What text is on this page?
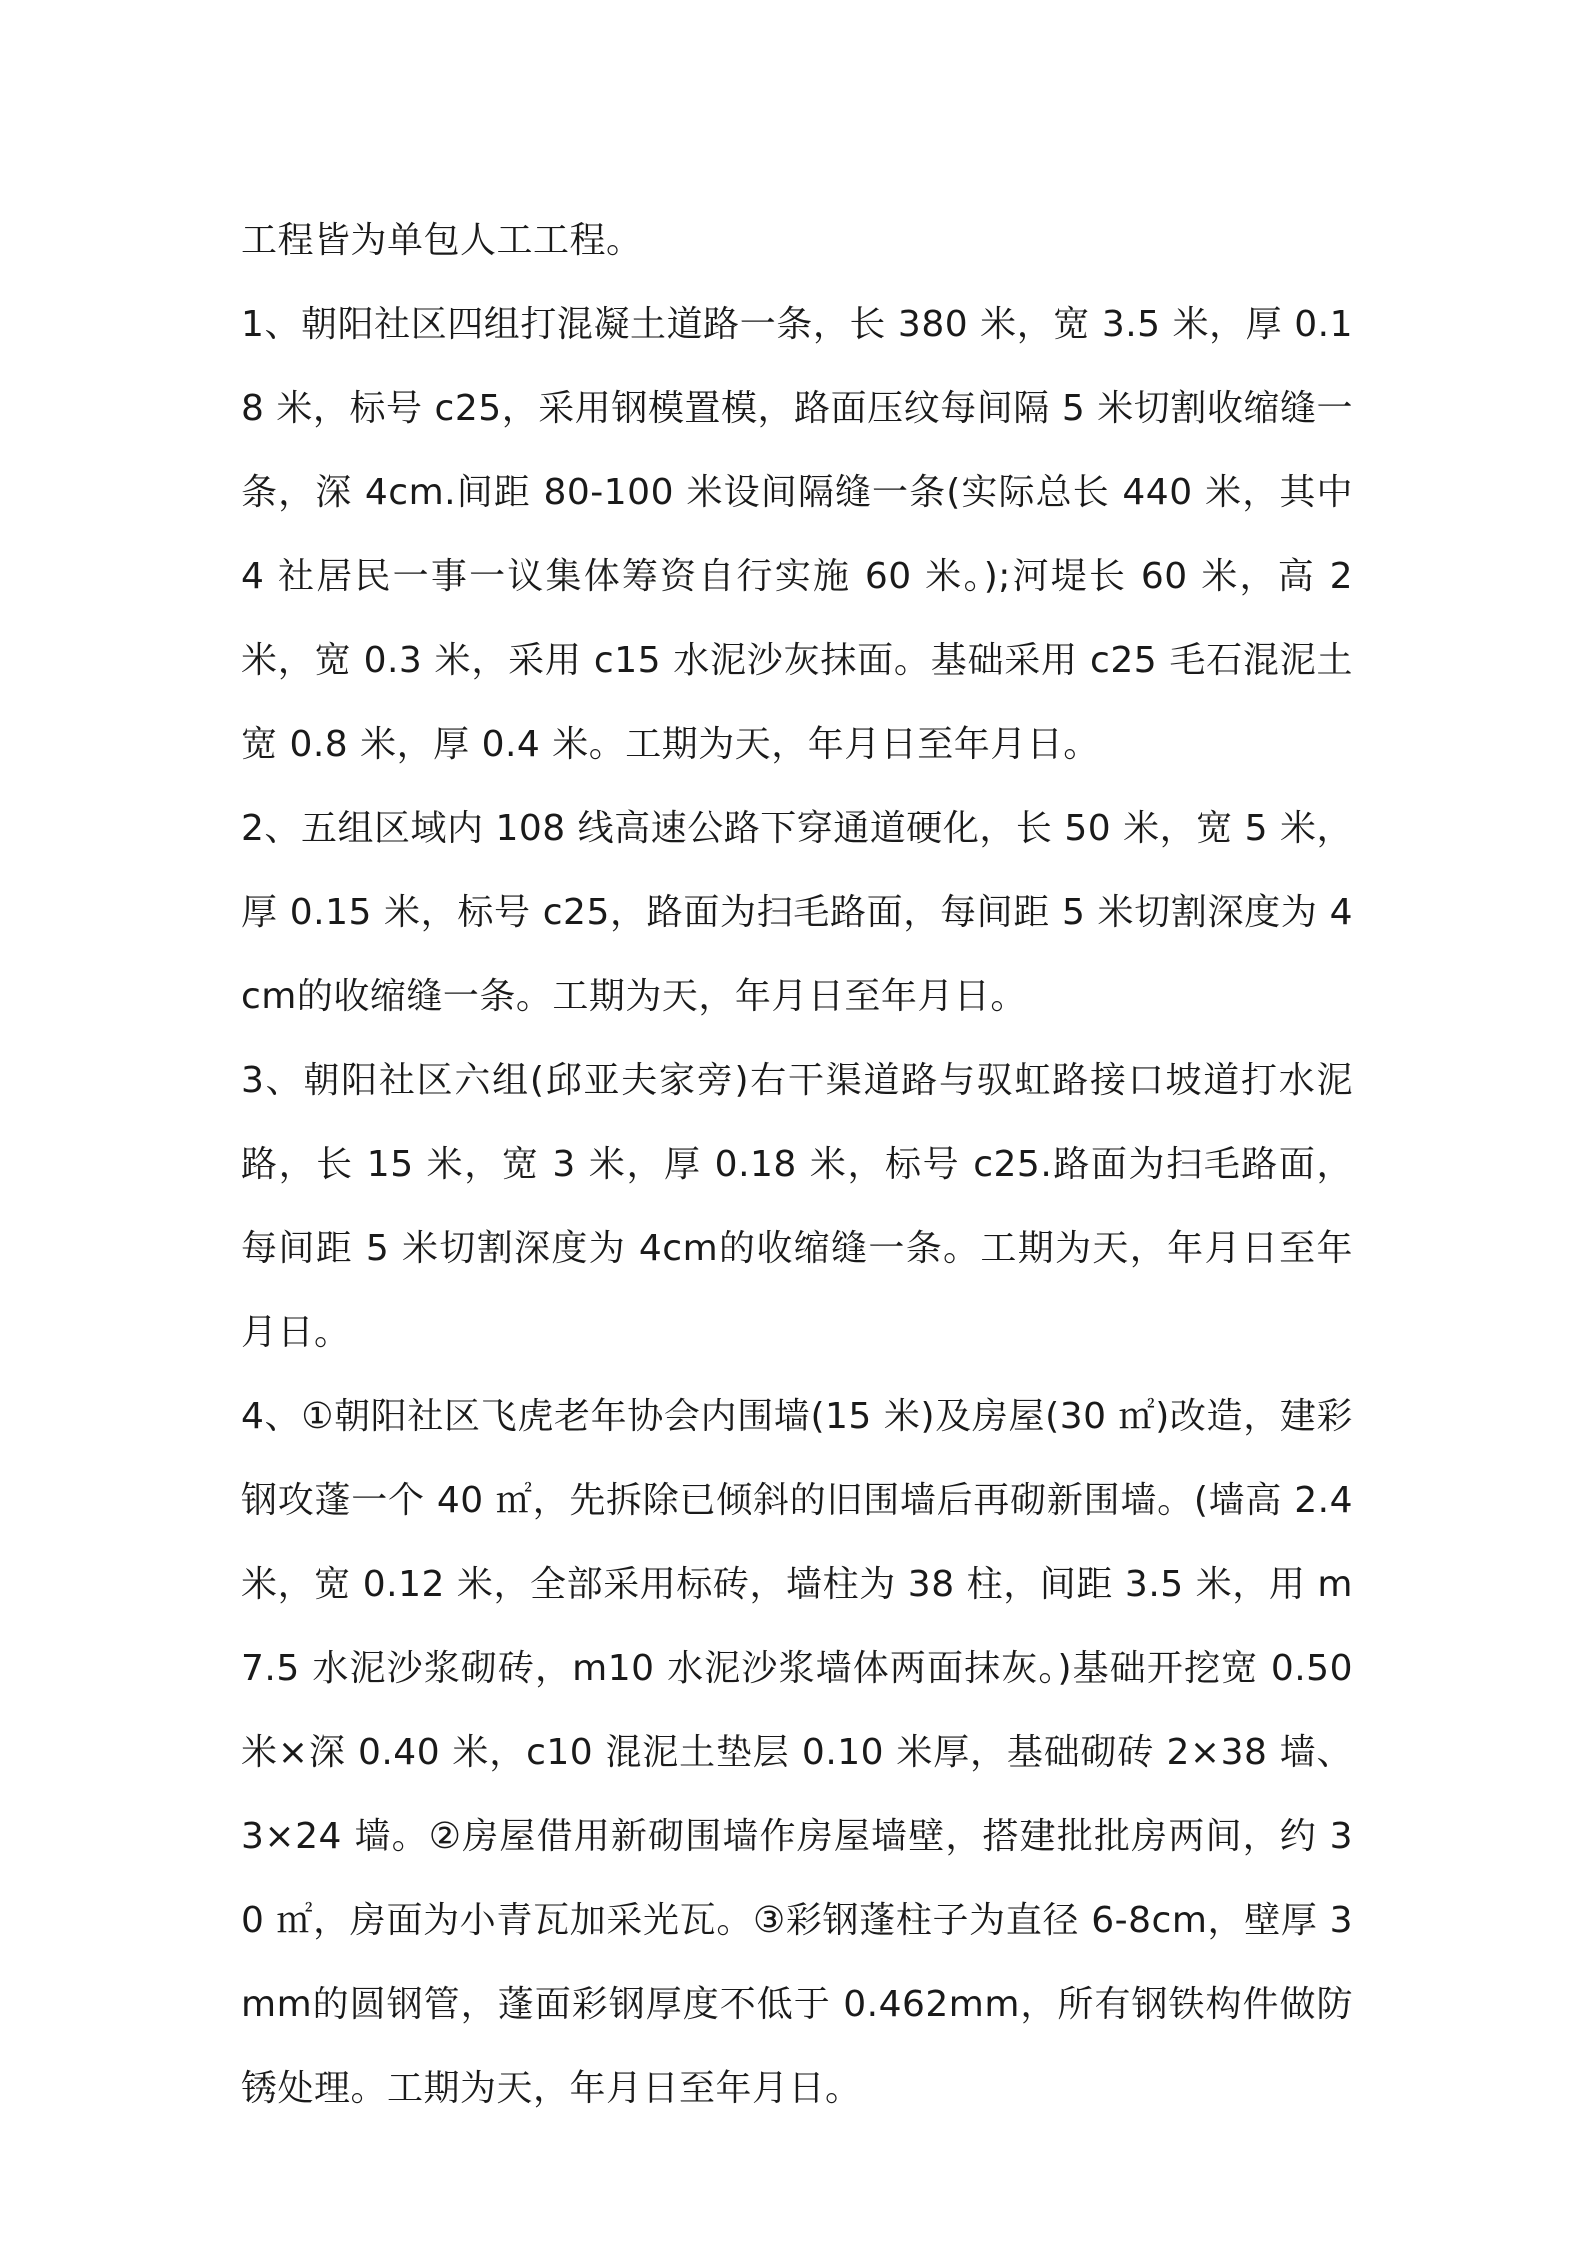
工程皆为单包人工工程。

1、朝阳社区四组打混凝土道路一条，长 380 米，宽 3.5 米，厚 0.18 米，标号 c25，采用钢模置模，路面压纹每间隔 5 米切割收缩缝一条，深 4cm.间距 80-100 米设间隔缝一条(实际总长 440 米，其中 4 社居民一事一议集体筹资自行实施 60 米。);河堤长 60 米，高 2 米，宽 0.3 米，采用 c15 水泥沙灰抹面。基础采用 c25 毛石混泥土宽 0.8 米，厚 0.4 米。工期为天，年月日至年月日。

2、五组区域内 108 线高速公路下穿通道硬化，长 50 米，宽 5 米，厚 0.15 米，标号 c25，路面为扫毛路面，每间距 5 米切割深度为 4 cm的收缩缝一条。工期为天，年月日至年月日。

3、朝阳社区六组(邱亚夫家旁)右干渠道路与驭虹路接口坡道打水泥路，长 15 米，宽 3 米，厚 0.18 米，标号 c25.路面为扫毛路面，每间距 5 米切割深度为 4cm的收缩缝一条。工期为天，年月日至年月日。

4、①朝阳社区飞虎老年协会内围墙(15 米)及房屋(30 ㎡)改造，建彩钢攻蓬一个 40 ㎡，先拆除已倾斜的旧围墙后再砌新围墙。(墙高 2.4 米，宽 0.12 米，全部采用标砖，墙柱为 38 柱，间距 3.5 米，用 m7.5 水泥沙浆砌砖，m10 水泥沙浆墙体两面抹灰。)基础开挖宽 0.50 米×深 0.40 米，c10 混泥土垫层 0.10 米厚，基础砌砖 2×38 墙、3×24 墙。②房屋借用新砌围墙作房屋墙壁，搭建批批房两间，约 30 ㎡，房面为小青瓦加采光瓦。③彩钢蓬柱子为直径 6-8cm，壁厚 3mm的圆钢管，蓬面彩钢厚度不低于 0.462mm，所有钢铁构件做防锈处理。工期为天，年月日至年月日。
